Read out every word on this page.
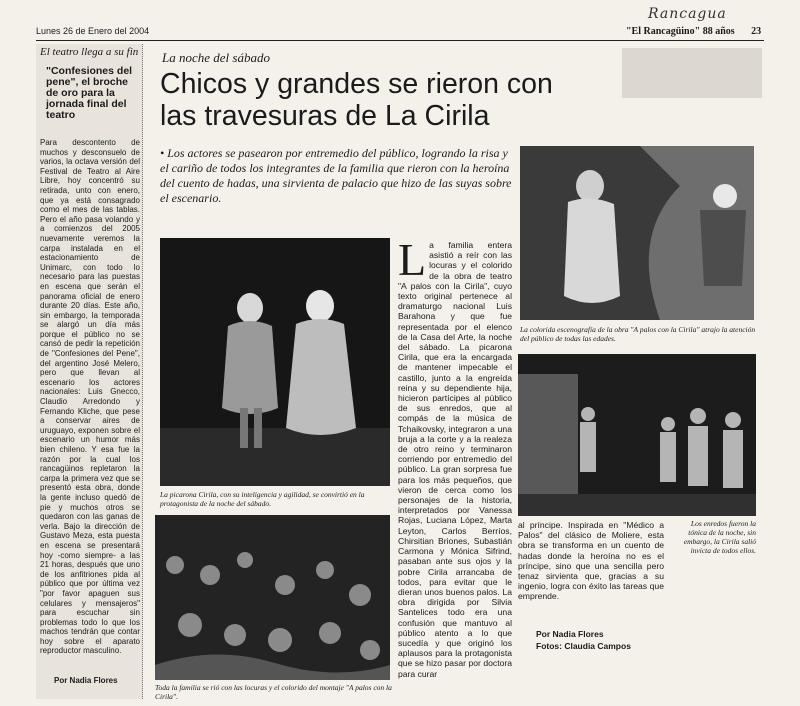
Rancagua
Lunes 26 de Enero del 2004	"El Rancagüino" 88 años 23
El teatro llega a su fin
"Confesiones del pene", el broche de oro para la jornada final del teatro
Para descontento de muchos y desconsuelo de varios, la octava versión del Festival de Teatro al Aire Libre, hoy concentró su retirada, unto con enero, que ya está consagrado como el mes de las tablas. Pero el año pasa volando y a comienzos del 2005 nuevamente veremos la carpa instalada en el estacionamiento de Unimarc, con todo lo necesario para las puestas en escena que serán el panorama oficial de enero durante 20 días. Este año, sin embargo, la temporada se alargó un día más porque el público no se cansó de pedir la repetición de "Confesiones del Pene", del argentino José Melero, pero que llevan al escenario los actores nacionales: Luis Gnecco, Claudio Arredondo y Fernando Kliche, que pese a conservar aires de uruguayo, exponen sobre el escenario un humor más bien chileno. Y esa fue la razón por la cual los rancagüinos repletaron la carpa la primera vez que se presentó esta obra, donde la gente incluso quedó de pie y muchos otros se quedaron con las ganas de verla. Bajo la dirección de Gustavo Meza, esta puesta en escena se presentará hoy -como siempre- a las 21 horas, después que uno de los anfitriones pida al público que por última vez "por favor apaguen sus celulares y mensajeros" para escuchar sin problemas todo lo que los machos tendrán que contar hoy sobre el aparato reproductor masculino.
Por Nadia Flores
La noche del sábado
Chicos y grandes se rieron con las travesuras de La Cirila
• Los actores se pasearon por entremedio del público, logrando la risa y el cariño de todos los integrantes de la familia que rieron con la heroína del cuento de hadas, una sirvienta de palacio que hizo de las suyas sobre el escenario.
La picarona Cirila, con su inteligencia y agilidad, se convirtió en la protagonista de la noche del sábado.
Toda la familia se rió con las locuras y el colorido del montaje "A palos con la Cirila".
La familia entera asistió a reír con las locuras y el colorido de la obra de teatro "A palos con la Cirila", cuyo texto original pertenece al dramaturgo nacional Luis Barahona y que fue representada por el elenco de la Casa del Arte, la noche del sábado. La picarona Cirila, que era la encargada de mantener impecable el castillo, junto a la engreída reina y su dependiente hija, hicieron partícipes al público de sus enredos, que al compás de la música de Tchaikovsky, integraron a una bruja a la corte y a la realeza de otro reino y terminaron corriendo por entremedio del público. La gran sorpresa fue para los más pequeños, que vieron de cerca como los personajes de la historia, interpretados por Vanessa Rojas, Luciana López, Marta Leyton, Carlos Berríos, Chirsitian Briones, Subastián Carmona y Mónica Sifrind, pasaban ante sus ojos y la pobre Cirila arrancaba de todos, para evitar que le dieran unos buenos palos. La obra dirigida por Silvia Santelices todo era una confusión que mantuvo al público atento a lo que sucedía y que originó los aplausos para la protagonista que se hizo pasar por doctora para curar
La colorida escenografía de la obra "A palos con la Cirila" atrajo la atención del público de todas las edades.
Los enredos fueron la tónica de la noche, sin embargo, la Cirila salió invicta de todos ellos.
al príncipe. Inspirada en "Médico a Palos" del clásico de Moliere, esta obra se transforma en un cuento de hadas donde la heroína no es el príncipe, sino que una sencilla pero tenaz sirvienta que, gracias a su ingenio, logra con éxito las tareas que emprende.
Por Nadia Flores
Fotos: Claudia Campos
